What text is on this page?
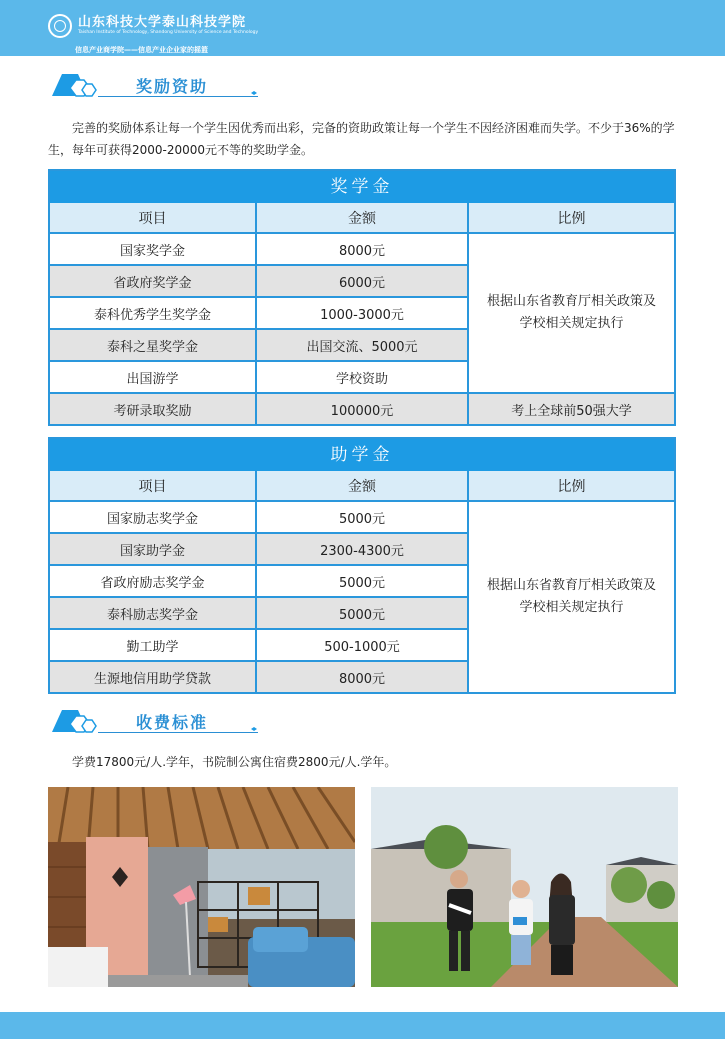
山东科技大学泰山科技学院
Taishan Institute of Technology, Shandong University of Science and Technology
信息产业商学院——信息产业企业家的摇篮
奖励资助
完善的奖励体系让每一个学生因优秀而出彩，完备的资助政策让每一个学生不因经济困难而失学。不少于36%的学生，每年可获得2000-20000元不等的奖助学金。
奖学金
项目	金额	比例
国家奖学金	8000元
省政府奖学金	6000元
泰科优秀学生奖学金	1000-3000元
泰科之星奖学金	出国交流、5000元
出国游学	学校资助
根据山东省教育厅相关政策及学校相关规定执行
考研录取奖励	100000元	考上全球前50强大学
助学金
项目	金额	比例
国家励志奖学金	5000元
国家助学金	2300-4300元
省政府励志奖学金	5000元
泰科励志奖学金	5000元
勤工助学	500-1000元
生源地信用助学贷款	8000元
根据山东省教育厅相关政策及学校相关规定执行
收费标准
学费17800元/人.学年，书院制公寓住宿费2800元/人.学年。
